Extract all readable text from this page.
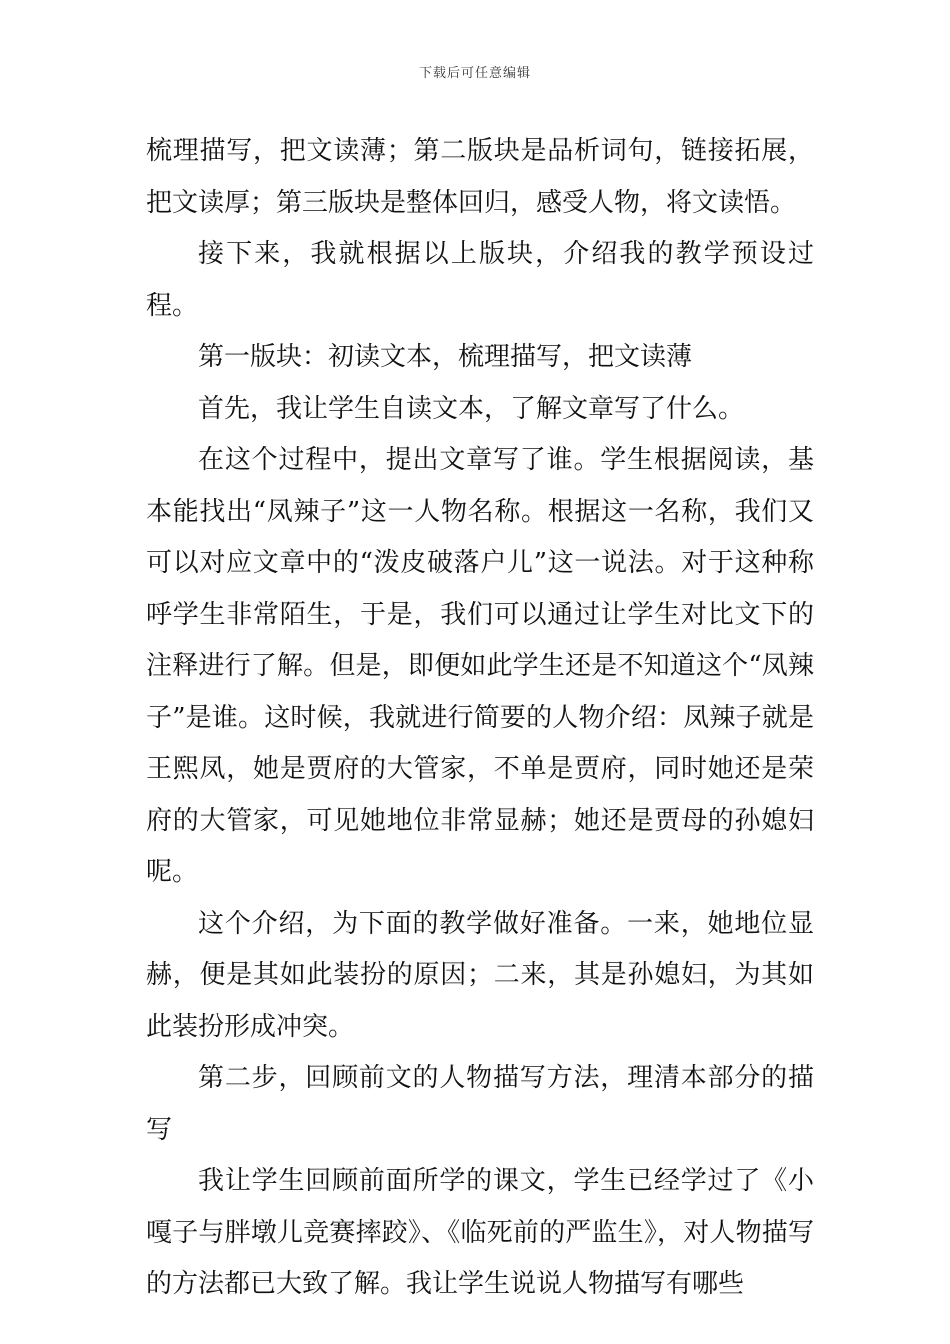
下载后可任意编辑

梳理描写，把文读薄；第二版块是品析词句，链接拓展，把文读厚；第三版块是整体回归，感受人物，将文读悟。

接下来，我就根据以上版块，介绍我的教学预设过程。

第一版块：初读文本，梳理描写，把文读薄

首先，我让学生自读文本，了解文章写了什么。

在这个过程中，提出文章写了谁。学生根据阅读，基本能找出“凤辣子”这一人物名称。根据这一名称，我们又可以对应文章中的“泼皮破落户儿”这一说法。对于这种称呼学生非常陌生，于是，我们可以通过让学生对比文下的注释进行了解。但是，即便如此学生还是不知道这个“凤辣子”是谁。这时候，我就进行简要的人物介绍：凤辣子就是王熙凤，她是贾府的大管家，不单是贾府，同时她还是荣府的大管家，可见她地位非常显赫；她还是贾母的孙媳妇呢。

这个介绍，为下面的教学做好准备。一来，她地位显赫，便是其如此装扮的原因；二来，其是孙媳妇，为其如此装扮形成冲突。

第二步，回顾前文的人物描写方法，理清本部分的描写

我让学生回顾前面所学的课文，学生已经学过了《小嘎子与胖墩儿竞赛摔跤》、《临死前的严监生》，对人物描写的方法都已大致了解。我让学生说说人物描写有哪些
